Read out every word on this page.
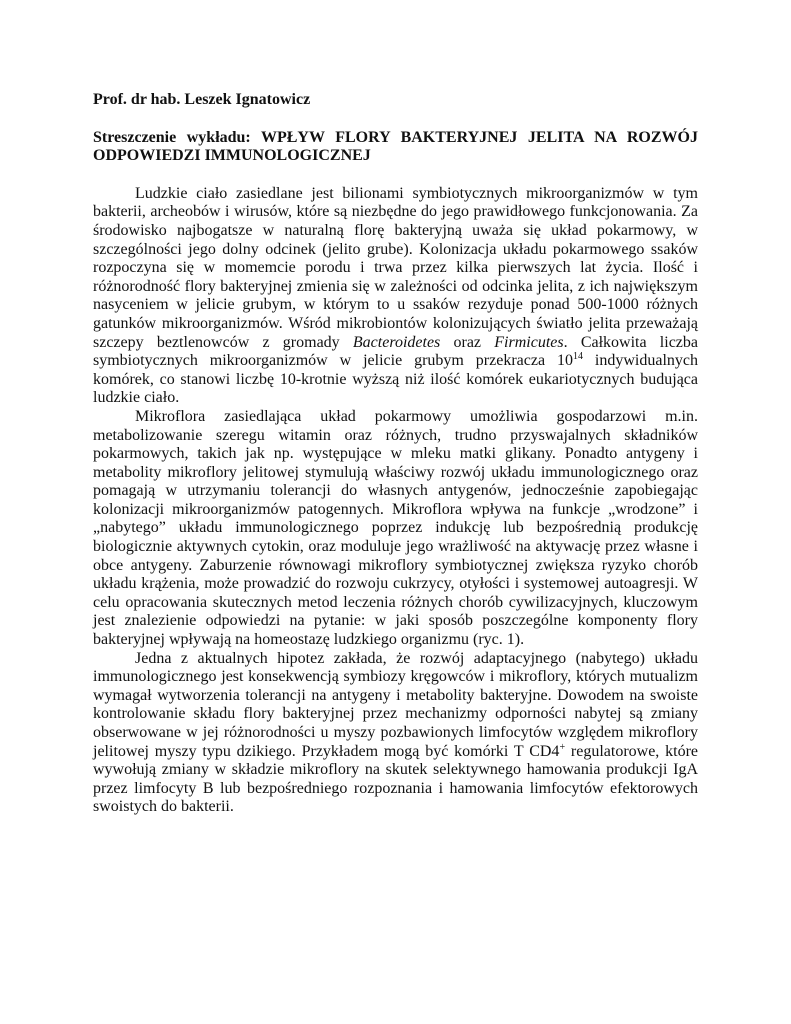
Prof. dr hab. Leszek Ignatowicz

Streszczenie wykładu: WPŁYW FLORY BAKTERYJNEJ JELITA NA ROZWÓJ ODPOWIEDZI IMMUNOLOGICZNEJ

Ludzkie ciało zasiedlane jest bilionami symbiotycznych mikroorganizmów w tym bakterii, archeobów i wirusów, które są niezbędne do jego prawidłowego funkcjonowania. Za środowisko najbogatsze w naturalną florę bakteryjną uważa się układ pokarmowy, w szczególności jego dolny odcinek (jelito grube). Kolonizacja układu pokarmowego ssaków rozpoczyna się w momemcie porodu i trwa przez kilka pierwszych lat życia. Ilość i różnorodność flory bakteryjnej zmienia się w zależności od odcinka jelita, z ich największym nasyceniem w jelicie grubym, w którym to u ssaków rezyduje ponad 500-1000 różnych gatunków mikroorganizmów. Wśród mikrobiontów kolonizujących światło jelita przeważają szczepy beztlenowców z gromady Bacteroidetes oraz Firmicutes. Całkowita liczba symbiotycznych mikroorganizmów w jelicie grubym przekracza $10^{14}$ indywidualnych komórek, co stanowi liczbę 10-krotnie wyższą niż ilość komórek eukariotycznych budująca ludzkie ciało.

Mikroflora zasiedlająca układ pokarmowy umożliwia gospodarzowi m.in. metabolizowanie szeregu witamin oraz różnych, trudno przyswajalnych składników pokarmowych, takich jak np. występujące w mleku matki glikany. Ponadto antygeny i metabolity mikroflory jelitowej stymulują właściwy rozwój układu immunologicznego oraz pomagają w utrzymaniu tolerancji do własnych antygenów, jednocześnie zapobiegając kolonizacji mikroorganizmów patogennych. Mikroflora wpływa na funkcje „wrodzone” i „nabytego” układu immunologicznego poprzez indukcję lub bezpośrednią produkcję biologicznie aktywnych cytokin, oraz moduluje jego wrażliwość na aktywację przez własne i obce antygeny. Zaburzenie równowagi mikroflory symbiotycznej zwiększa ryzyko chorób układu krążenia, może prowadzić do rozwoju cukrzycy, otyłości i systemowej autoagresji. W celu opracowania skutecznych metod leczenia różnych chorób cywilizacyjnych, kluczowym jest znalezienie odpowiedzi na pytanie: w jaki sposób poszczególne komponenty flory bakteryjnej wpływają na homeostazę ludzkiego organizmu (ryc. 1).

Jedna z aktualnych hipotez zakłada, że rozwój adaptacyjnego (nabytego) układu immunologicznego jest konsekwencją symbiozy kręgowców i mikroflory, których mutualizm wymagał wytworzenia tolerancji na antygeny i metabolity bakteryjne. Dowodem na swoiste kontrolowanie składu flory bakteryjnej przez mechanizmy odporności nabytej są zmiany obserwowane w jej różnorodności u myszy pozbawionych limfocytów względem mikroflory jelitowej myszy typu dzikiego. Przykładem mogą być komórki T CD4+ regulatorowe, które wywołują zmiany w składzie mikroflory na skutek selektywnego hamowania produkcji IgA przez limfocyty B lub bezpośredniego rozpoznania i hamowania limfocytów efektorowych swoistych do bakterii.
